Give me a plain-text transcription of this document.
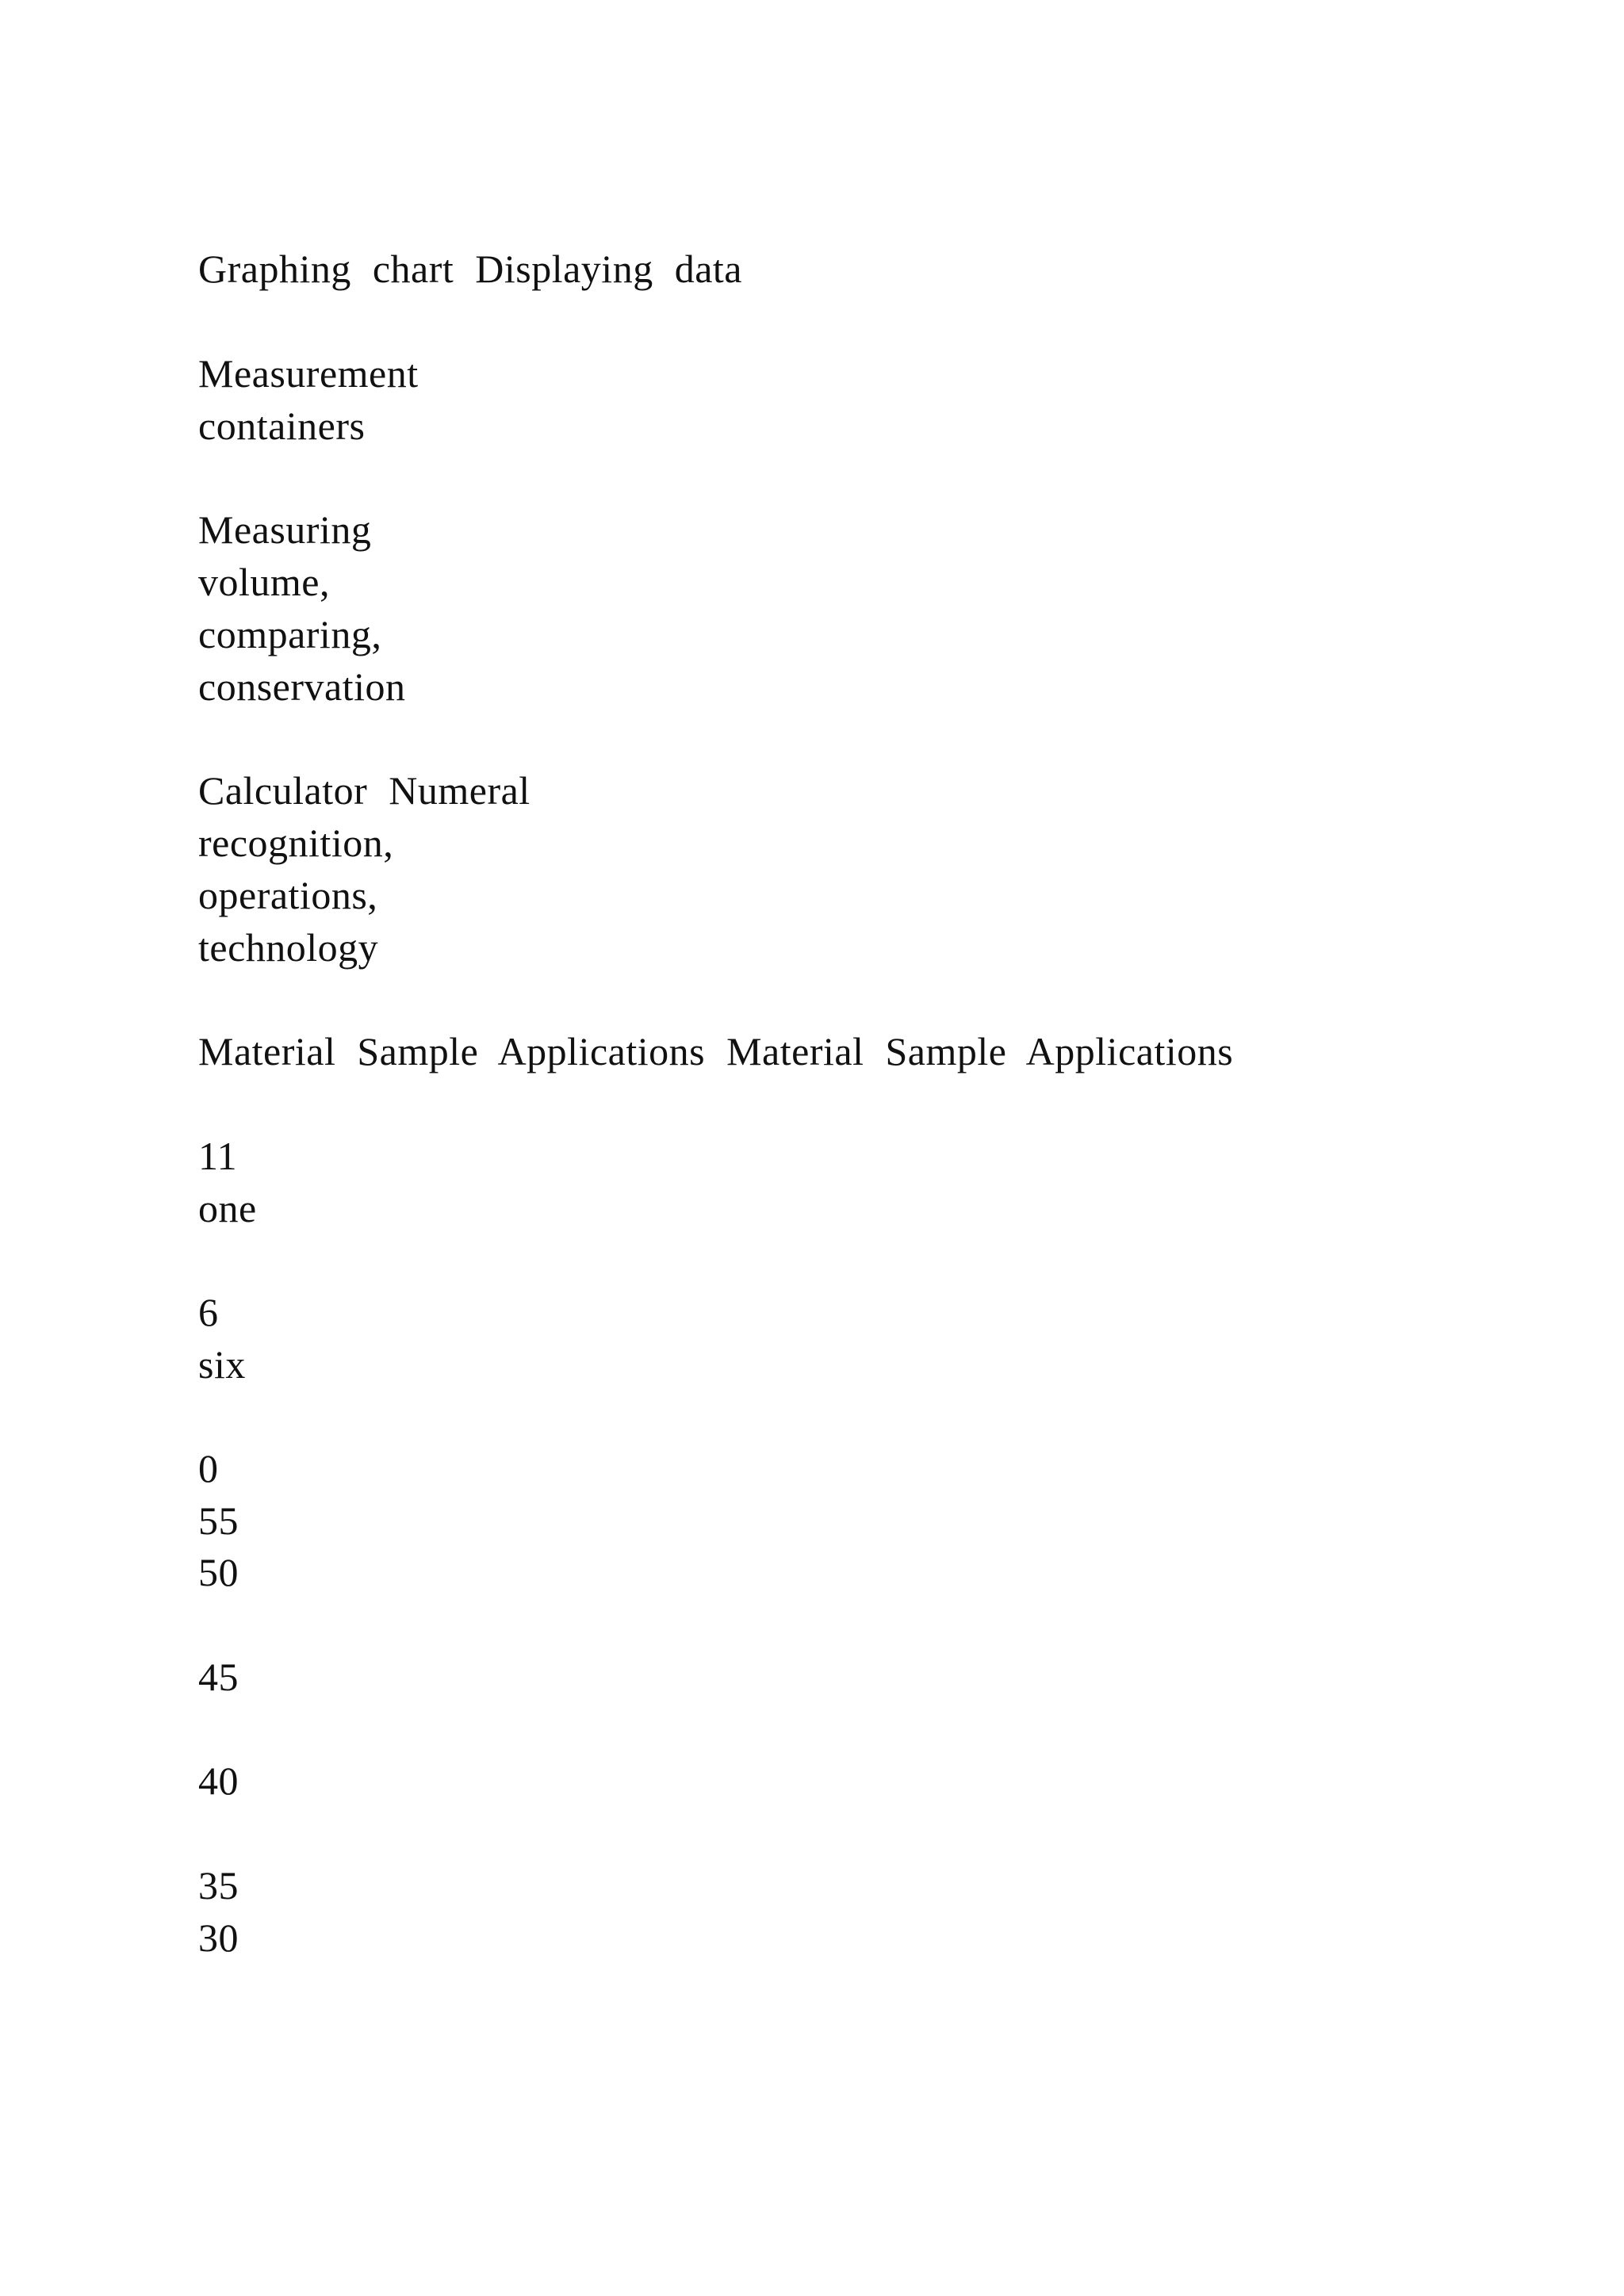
Graphing chart Displaying data

Measurement
containers

Measuring
volume,
comparing,
conservation

Calculator Numeral
recognition,
operations,
technology

Material Sample Applications Material Sample Applications

11
one

6
six

0
55

50

45

40

35
30
